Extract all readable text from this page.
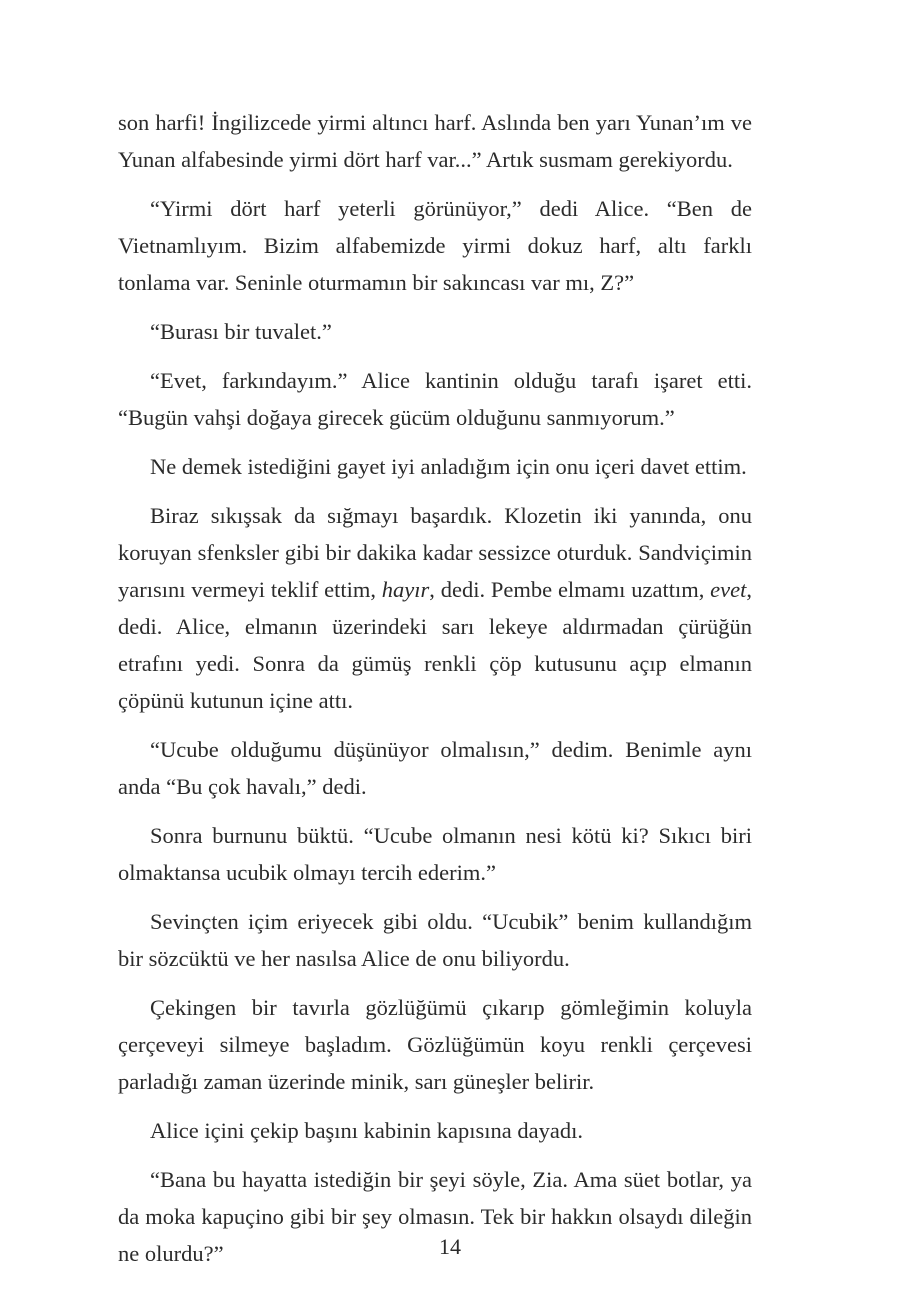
son harfi! İngilizcede yirmi altıncı harf. Aslında ben yarı Yunan’ım ve Yunan alfabesinde yirmi dört harf var...” Artık susmam gerekiyordu.

“Yirmi dört harf yeterli görünüyor,” dedi Alice. “Ben de Vietnamlıyım. Bizim alfabemizde yirmi dokuz harf, altı farklı tonlama var. Seninle oturmamın bir sakıncası var mı, Z?”

“Burası bir tuvalet.”

“Evet, farkındayım.” Alice kantinin olduğu tarafı işaret etti. “Bugün vahşi doğaya girecek gücüm olduğunu sanmıyorum.”

Ne demek istediğini gayet iyi anladığım için onu içeri davet ettim.

Biraz sıkışsak da sığmayı başardık. Klozetin iki yanında, onu koruyan sfenksler gibi bir dakika kadar sessizce oturduk. Sandviçimin yarısını vermeyi teklif ettim, hayır, dedi. Pembe elmamı uzattım, evet, dedi. Alice, elmanın üzerindeki sarı lekeye aldırmadan çürüğün etrafını yedi. Sonra da gümüş renkli çöp kutusunu açıp elmanın çöpünü kutunun içine attı.

“Ucube olduğumu düşünüyor olmalısın,” dedim. Benimle aynı anda “Bu çok havalı,” dedi.

Sonra burnunu büktü. “Ucube olmanın nesi kötü ki? Sıkıcı biri olmaktansa ucubik olmayı tercih ederim.”

Sevinçten içim eriyecek gibi oldu. “Ucubik” benim kullandığım bir sözcüktü ve her nasılsa Alice de onu biliyordu.

Çekingen bir tavırla gözlüğümü çıkarıp gömleğimin koluyla çerçeveyi silmeye başladım. Gözlüğümün koyu renkli çerçevesi parladığı zaman üzerinde minik, sarı güneşler belirir.

Alice içini çekip başını kabinin kapısına dayadı.

“Bana bu hayatta istediğin bir şeyi söyle, Zia. Ama süet botlar, ya da moka kapuçino gibi bir şey olmasın. Tek bir hakkın olsaydı dileğin ne olurdu?”	14
